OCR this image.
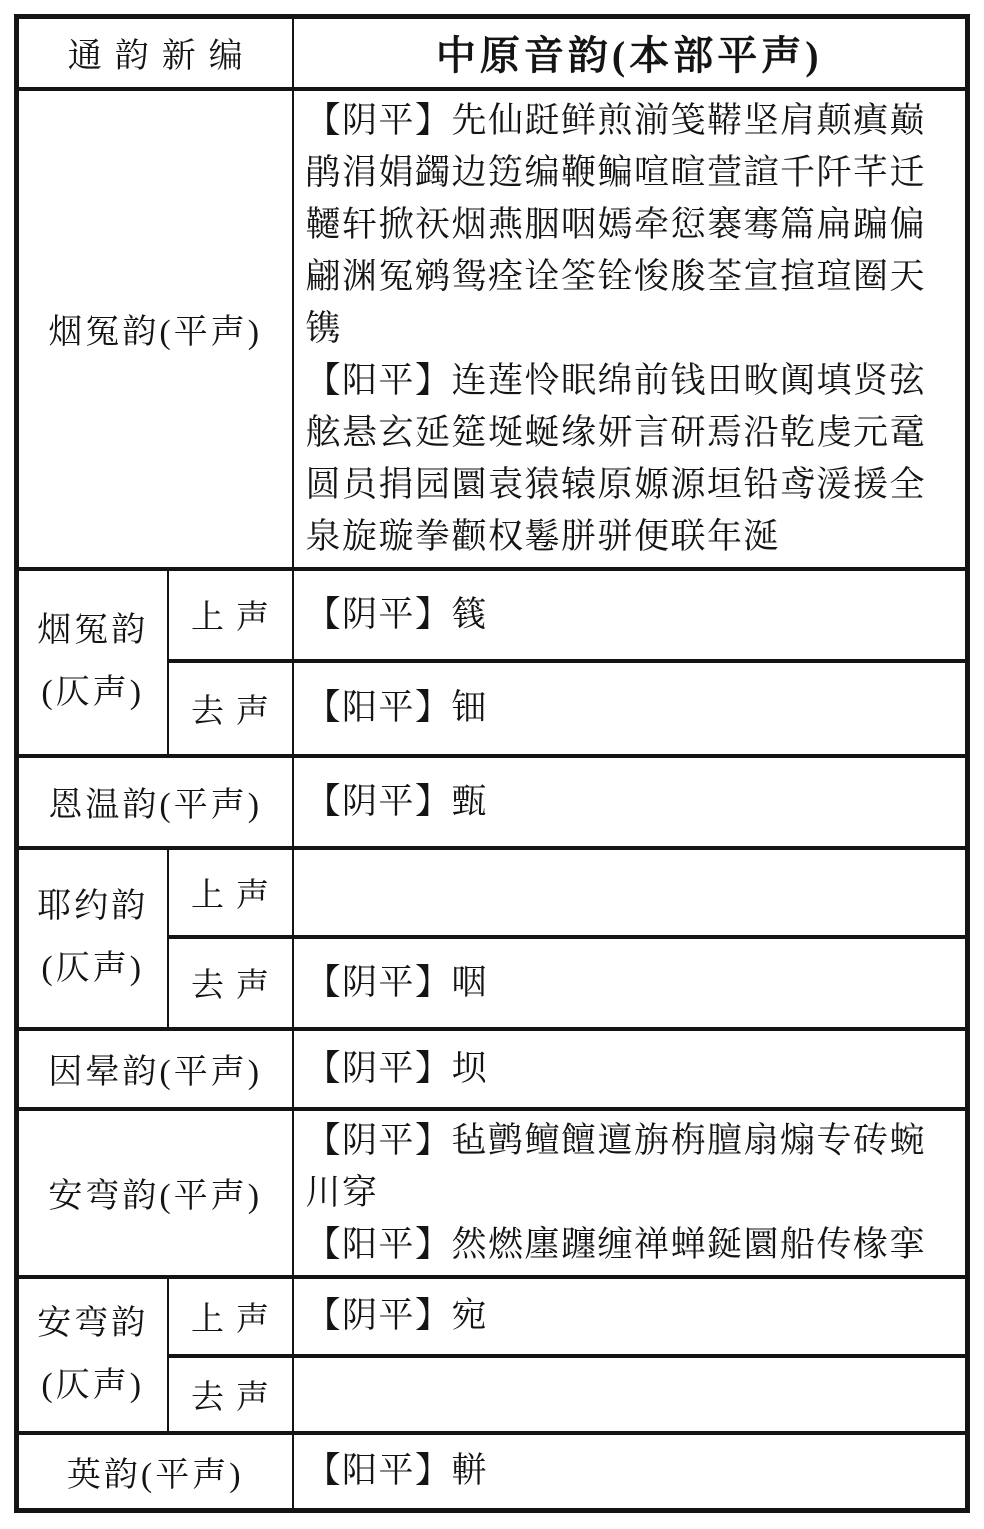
通韵新编		中原音韵(本部平声)
烟冤韵(平声)		【阴平】先仙跹鲜煎湔笺鞯坚肩颠瘨巅鹃涓娟蠲边笾编鞭鳊喧暄萱諠千阡芊迁韆轩掀祆烟燕胭咽嫣牵愆褰骞篇扁蹁偏翩渊冤鹓鸳痊诠筌铨悛朘荃宣揎瑄圈天镌
【阳平】连莲怜眠绵前钱田畋阗填贤弦舷悬玄延筵埏蜒缘妍言研焉沿乾虔元鼋圆员捐园圜袁猿辕原嫄源垣铅鸢湲援全泉旋璇拳颧权鬈胼骈便联年涎

烟冤韵
(仄声)	上声	【阴平】篯

	去声	【阳平】钿

恩温韵(平声)		【阴平】甄

耶约韵
(仄声)	上声	
	去声	【阴平】咽

因晕韵(平声)		【阴平】坝

安弯韵(平声)		【阴平】毡鹯鳣饘邅旃栴膻扇煽专砖蜿川穿
【阳平】然燃廛躔缠禅蝉鋋圜船传椽挛

安弯韵
(仄声)	上声	【阴平】宛

	去声	
英韵(平声)		【阳平】軿
